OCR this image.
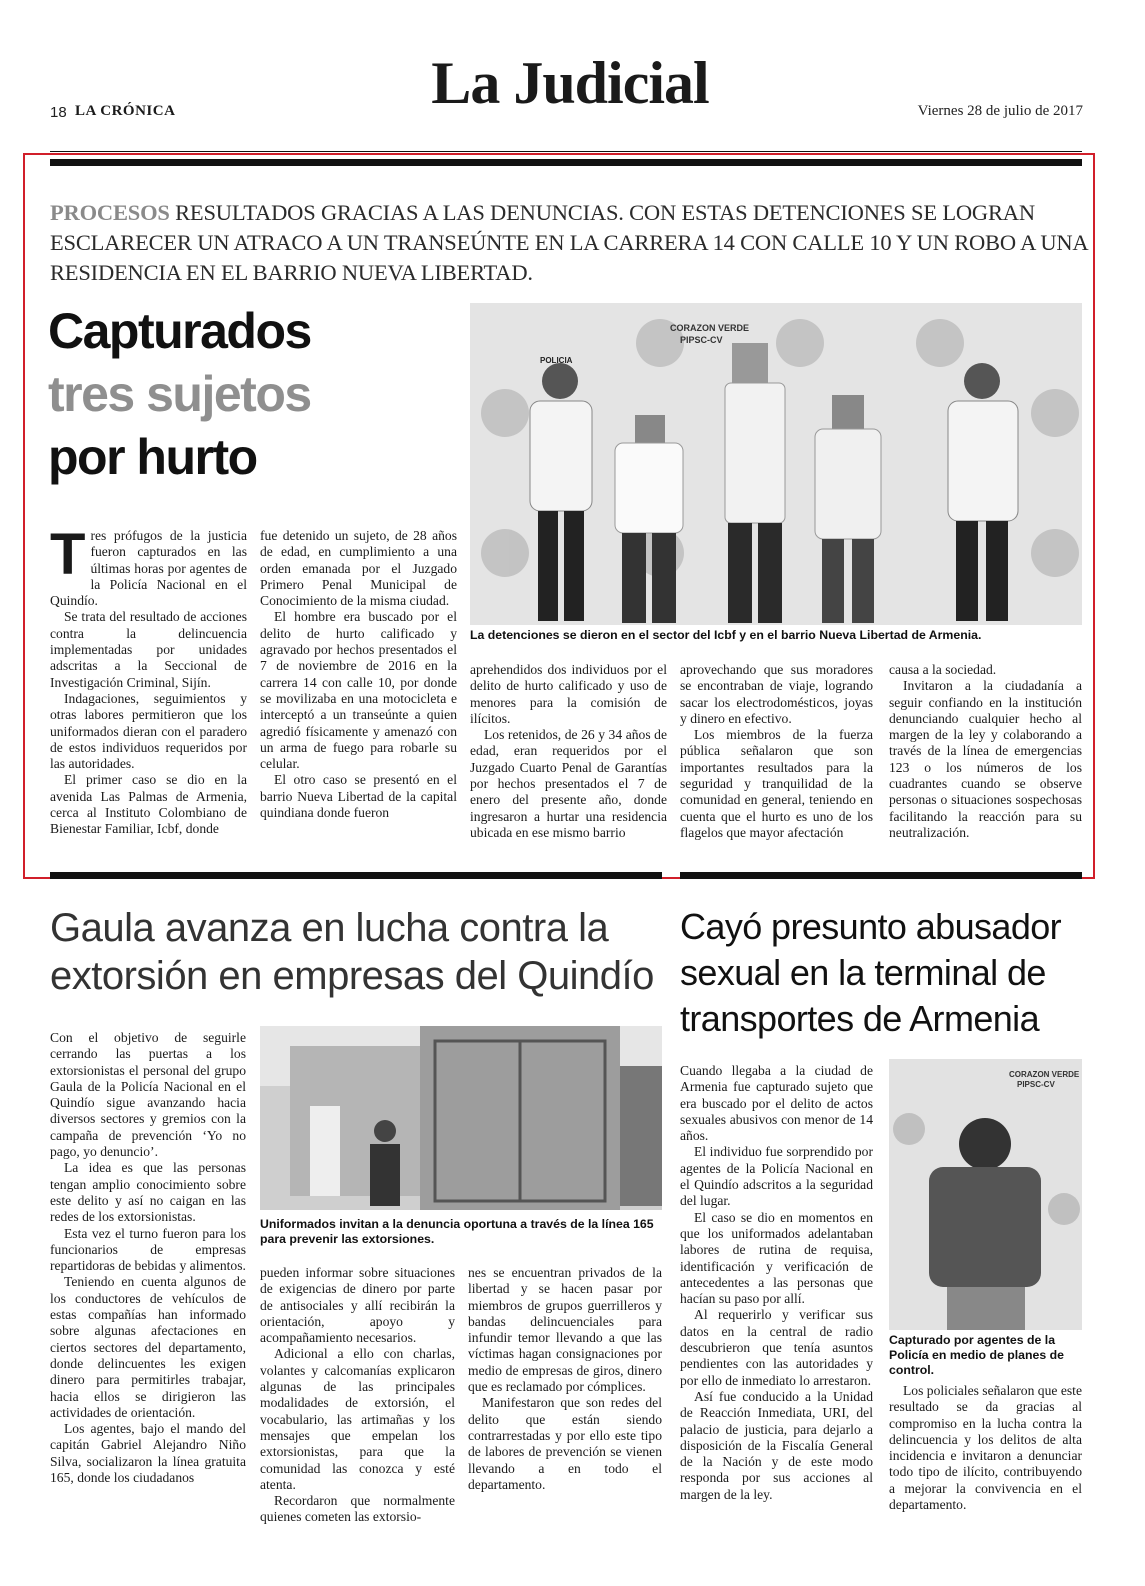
18 LA CRÓNICA	La Judicial	Viernes 28 de julio de 2017
PROCESOS RESULTADOS GRACIAS A LAS DENUNCIAS. CON ESTAS DETENCIONES SE LOGRAN ESCLARECER UN ATRACO A UN TRANSEÚNTE EN LA CARRERA 14 CON CALLE 10 Y UN ROBO A UNA RESIDENCIA EN EL BARRIO NUEVA LIBERTAD.
Capturados
tres sujetos
por hurto
CORAZON VERDE
PIPSC-CV
POLICIA
La detenciones se dieron en el sector del Icbf y en el barrio Nueva Libertad de Armenia.

Tres prófugos de la justicia fueron capturados en las últimas horas por agentes de la Policía Nacional en el Quindío.

Se trata del resultado de acciones contra la delincuencia implementadas por unidades adscritas a la Seccional de Investigación Criminal, Sijín.

Indagaciones, seguimientos y otras labores permitieron que los uniformados dieran con el paradero de estos individuos requeridos por las autoridades.

El primer caso se dio en la avenida Las Palmas de Armenia, cerca al Instituto Colombiano de Bienestar Familiar, Icbf, donde

fue detenido un sujeto, de 28 años de edad, en cumplimiento a una orden emanada por el Juzgado Primero Penal Municipal de Conocimiento de la misma ciudad.

El hombre era buscado por el delito de hurto calificado y agravado por hechos presentados el 7 de noviembre de 2016 en la carrera 14 con calle 10, por donde se movilizaba en una motocicleta e interceptó a un transeúnte a quien agredió físicamente y amenazó con un arma de fuego para robarle su celular.

El otro caso se presentó en el barrio Nueva Libertad de la capital quindiana donde fueron

aprehendidos dos individuos por el delito de hurto calificado y uso de menores para la comisión de ilícitos.

Los retenidos, de 26 y 34 años de edad, eran requeridos por el Juzgado Cuarto Penal de Garantías por hechos presentados el 7 de enero del presente año, donde ingresaron a hurtar una residencia ubicada en ese mismo barrio

aprovechando que sus moradores se encontraban de viaje, logrando sacar los electrodomésticos, joyas y dinero en efectivo.

Los miembros de la fuerza pública señalaron que son importantes resultados para la seguridad y tranquilidad de la comunidad en general, teniendo en cuenta que el hurto es uno de los flagelos que mayor afectación

causa a la sociedad.

Invitaron a la ciudadanía a seguir confiando en la institución denunciando cualquier hecho al margen de la ley y colaborando a través de la línea de emergencias 123 o los números de los cuadrantes cuando se observe personas o situaciones sospechosas facilitando la reacción para su neutralización.

Gaula avanza en lucha contra la extorsión en empresas del Quindío

Con el objetivo de seguirle cerrando las puertas a los extorsionistas el personal del grupo Gaula de la Policía Nacional en el Quindío sigue avanzando hacia diversos sectores y gremios con la campaña de prevención ‘Yo no pago, yo denuncio’.

La idea es que las personas tengan amplio conocimiento sobre este delito y así no caigan en las redes de los extorsionistas.

Esta vez el turno fueron para los funcionarios de empresas repartidoras de bebidas y alimentos.

Teniendo en cuenta algunos de los conductores de vehículos de estas compañías han informado sobre algunas afectaciones en ciertos sectores del departamento, donde delincuentes les exigen dinero para permitirles trabajar, hacia ellos se dirigieron las actividades de orientación.

Los agentes, bajo el mando del capitán Gabriel Alejandro Niño Silva, socializaron la línea gratuita 165, donde los ciudadanos

Uniformados invitan a la denuncia oportuna a través de la línea 165 para prevenir las extorsiones.

pueden informar sobre situaciones de exigencias de dinero por parte de antisociales y allí recibirán la orientación, apoyo y acompañamiento necesarios.

Adicional a ello con charlas, volantes y calcomanías explicaron algunas de las principales modalidades de extorsión, el vocabulario, las artimañas y los mensajes que empelan los extorsionistas, para que la comunidad las conozca y esté atenta.

Recordaron que normalmente quienes cometen las extorsio-

nes se encuentran privados de la libertad y se hacen pasar por miembros de grupos guerrilleros y bandas delincuenciales para infundir temor llevando a que las víctimas hagan consignaciones por medio de empresas de giros, dinero que es reclamado por cómplices.

Manifestaron que son redes del delito que están siendo contrarrestadas y por ello este tipo de labores de prevención se vienen llevando a en todo el departamento.

Cayó presunto abusador sexual en la terminal de transportes de Armenia

Cuando llegaba a la ciudad de Armenia fue capturado sujeto que era buscado por el delito de actos sexuales abusivos con menor de 14 años.

El individuo fue sorprendido por agentes de la Policía Nacional en el Quindío adscritos a la seguridad del lugar.

El caso se dio en momentos en que los uniformados adelantaban labores de rutina de requisa, identificación y verificación de antecedentes a las personas que hacían su paso por allí.

Al requerirlo y verificar sus datos en la central de radio descubrieron que tenía asuntos pendientes con las autoridades y por ello de inmediato lo arrestaron.

Así fue conducido a la Unidad de Reacción Inmediata, URI, del palacio de justicia, para dejarlo a disposición de la Fiscalía General de la Nación y de este modo responda por sus acciones al margen de la ley.

CORAZON VERDE
PIPSC-CV
Capturado por agentes de la Policía en medio de planes de control.

Los policiales señalaron que este resultado se da gracias al compromiso en la lucha contra la delincuencia y los delitos de alta incidencia e invitaron a denunciar todo tipo de ilícito, contribuyendo a mejorar la convivencia en el departamento.
